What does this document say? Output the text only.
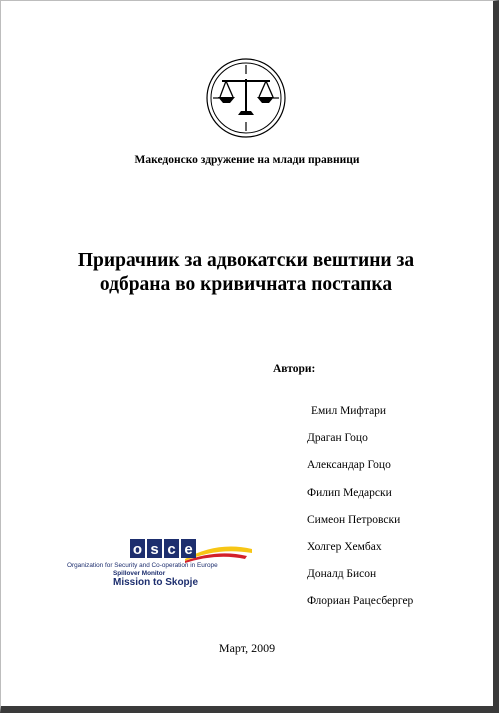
Македонско здружение на млади правници
Прирачник за адвокатски вештини за
одбрана во кривичната постапка
Автори:
Емил Мифтари
Драган Гоцо
Александар Гоцо
Филип Медарски
Симеон Петровски
Холгер Хембах
Доналд Бисон
Флориан Рацесбергер
o s c e
Organization for Security and Co-operation in Europe
Spillover Monitor
Mission to Skopje
Март, 2009
